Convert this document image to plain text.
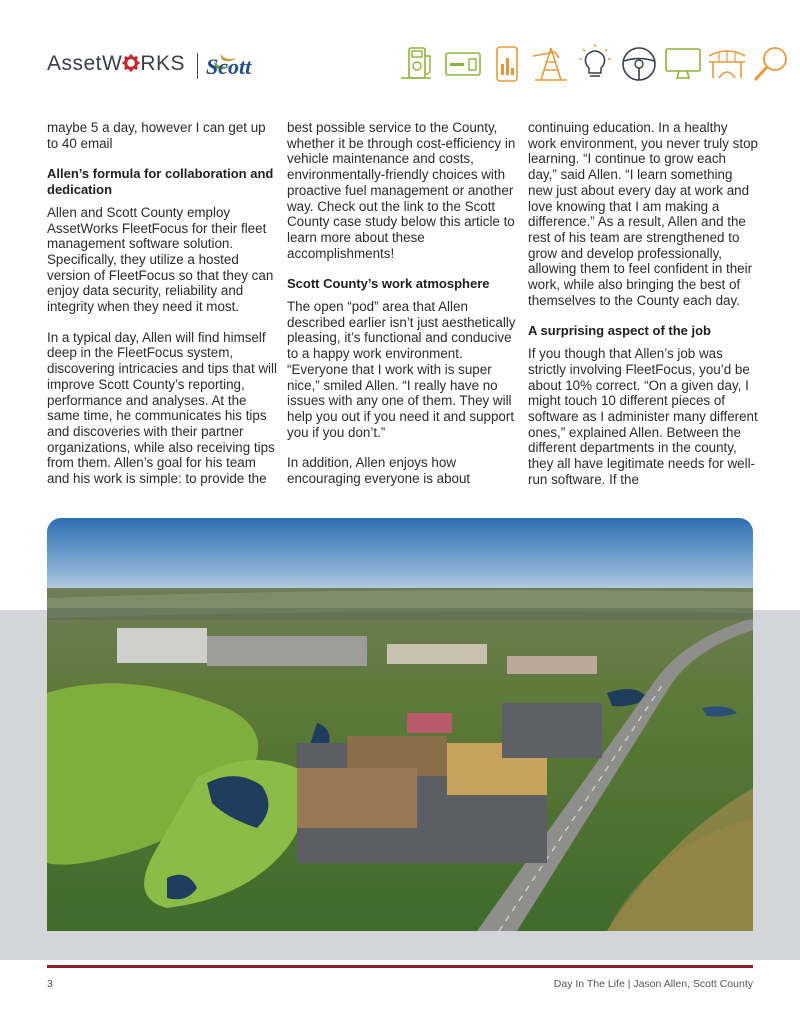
AssetW RKS Scott

maybe 5 a day, however I can get up to 40 email

Allen’s formula for collaboration and dedication

Allen and Scott County employ AssetWorks FleetFocus for their fleet management software solution. Specifically, they utilize a hosted version of FleetFocus so that they can enjoy data security, reliability and integrity when they need it most.

In a typical day, Allen will find himself deep in the FleetFocus system, discovering intricacies and tips that will improve Scott County’s reporting, performance and analyses. At the same time, he communicates his tips and discoveries with their partner organizations, while also receiving tips from them. Allen’s goal for his team and his work is simple: to provide the

best possible service to the County, whether it be through cost-efficiency in vehicle maintenance and costs, environmentally-friendly choices with proactive fuel management or another way. Check out the link to the Scott County case study below this article to learn more about these accomplishments!

Scott County’s work atmosphere

The open “pod” area that Allen described earlier isn’t just aesthetically pleasing, it’s functional and conducive to a happy work environment. “Everyone that I work with is super nice,” smiled Allen. “I really have no issues with any one of them. They will help you out if you need it and support you if you don’t.”

In addition, Allen enjoys how encouraging everyone is about

continuing education. In a healthy work environment, you never truly stop learning. “I continue to grow each day,” said Allen. “I learn something new just about every day at work and love knowing that I am making a difference.” As a result, Allen and the rest of his team are strengthened to grow and develop professionally, allowing them to feel confident in their work, while also bringing the best of themselves to the County each day.

A surprising aspect of the job

If you though that Allen’s job was strictly involving FleetFocus, you’d be about 10% correct. “On a given day, I might touch 10 different pieces of software as I administer many different ones,” explained Allen. Between the different departments in the county, they all have legitimate needs for well-run software. If the

3	Day In The Life | Jason Allen, Scott County
